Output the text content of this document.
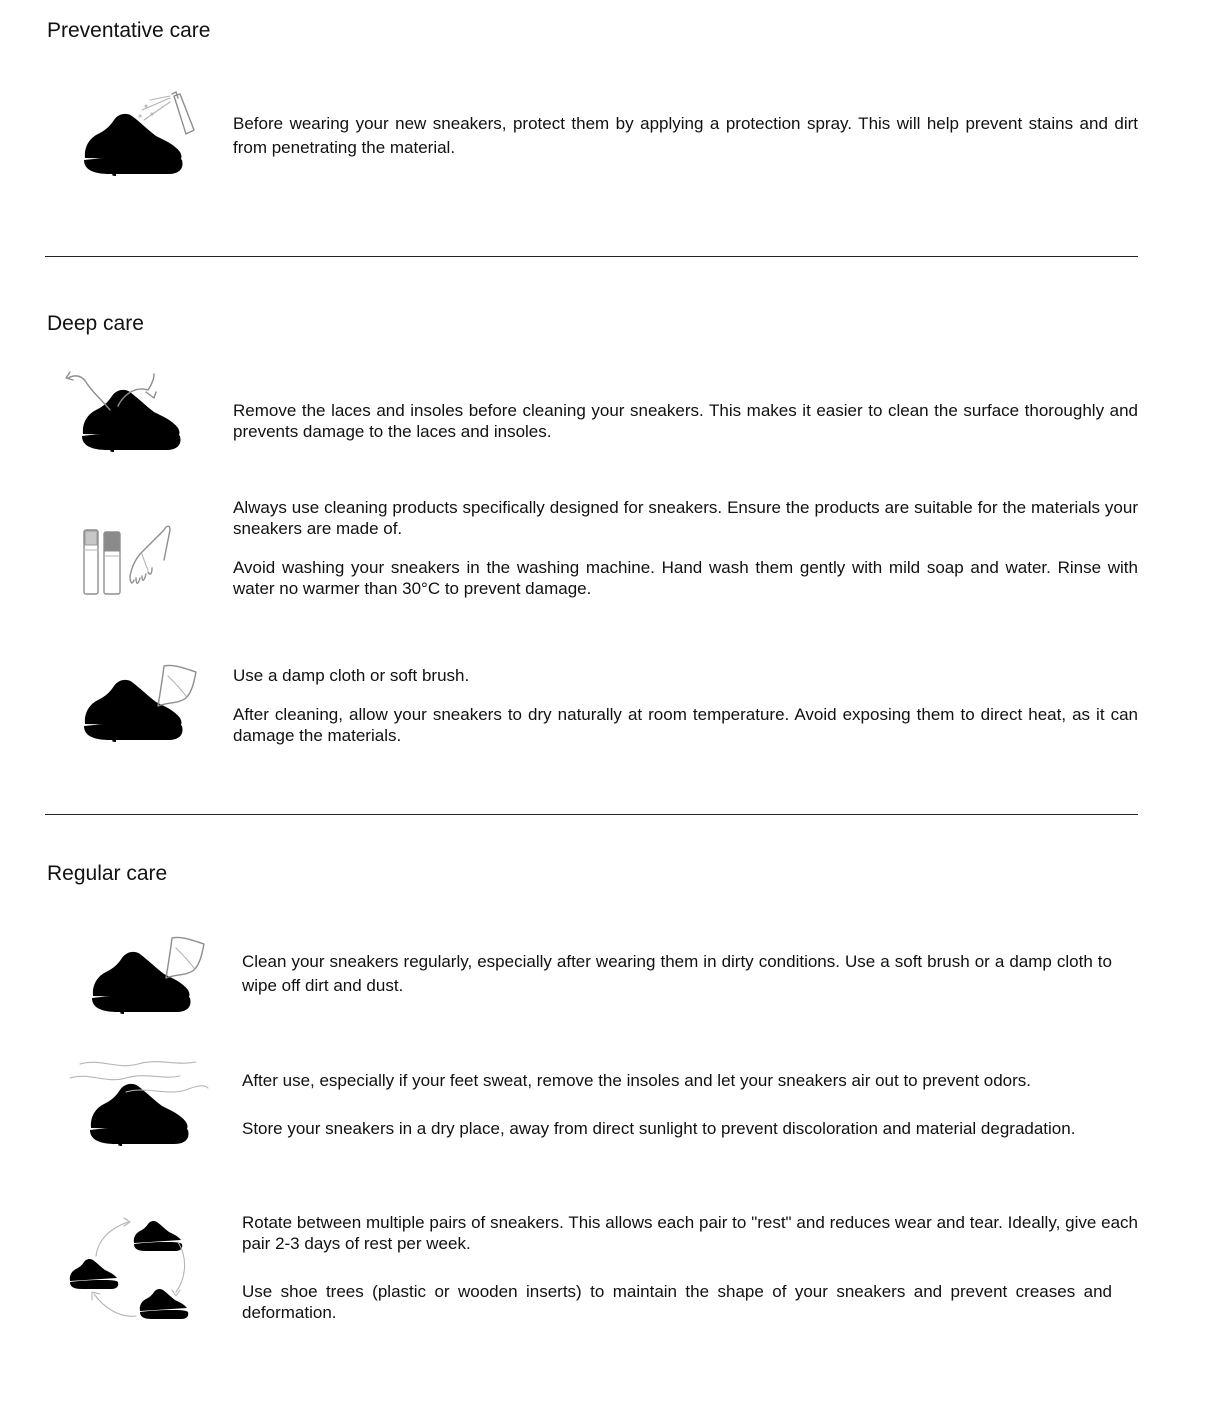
Preventative care

Before wearing your new sneakers, protect them by applying a protection spray. This will help prevent stains and dirt from penetrating the material.

Deep care

Remove the laces and insoles before cleaning your sneakers. This makes it easier to clean the surface thoroughly and prevents damage to the laces and insoles.

Always use cleaning products specifically designed for sneakers. Ensure the products are suitable for the materials your sneakers are made of.

Avoid washing your sneakers in the washing machine. Hand wash them gently with mild soap and water. Rinse with water no warmer than 30°C to prevent damage.

Use a damp cloth or soft brush.

After cleaning, allow your sneakers to dry naturally at room temperature. Avoid exposing them to direct heat, as it can damage the materials.

Regular care

Clean your sneakers regularly, especially after wearing them in dirty conditions. Use a soft brush or a damp cloth to wipe off dirt and dust.

After use, especially if your feet sweat, remove the insoles and let your sneakers air out to prevent odors.

Store your sneakers in a dry place, away from direct sunlight to prevent discoloration and material degradation.

Rotate between multiple pairs of sneakers. This allows each pair to "rest" and reduces wear and tear. Ideally, give each pair 2-3 days of rest per week.

Use shoe trees (plastic or wooden inserts) to maintain the shape of your sneakers and prevent creases and deformation.
